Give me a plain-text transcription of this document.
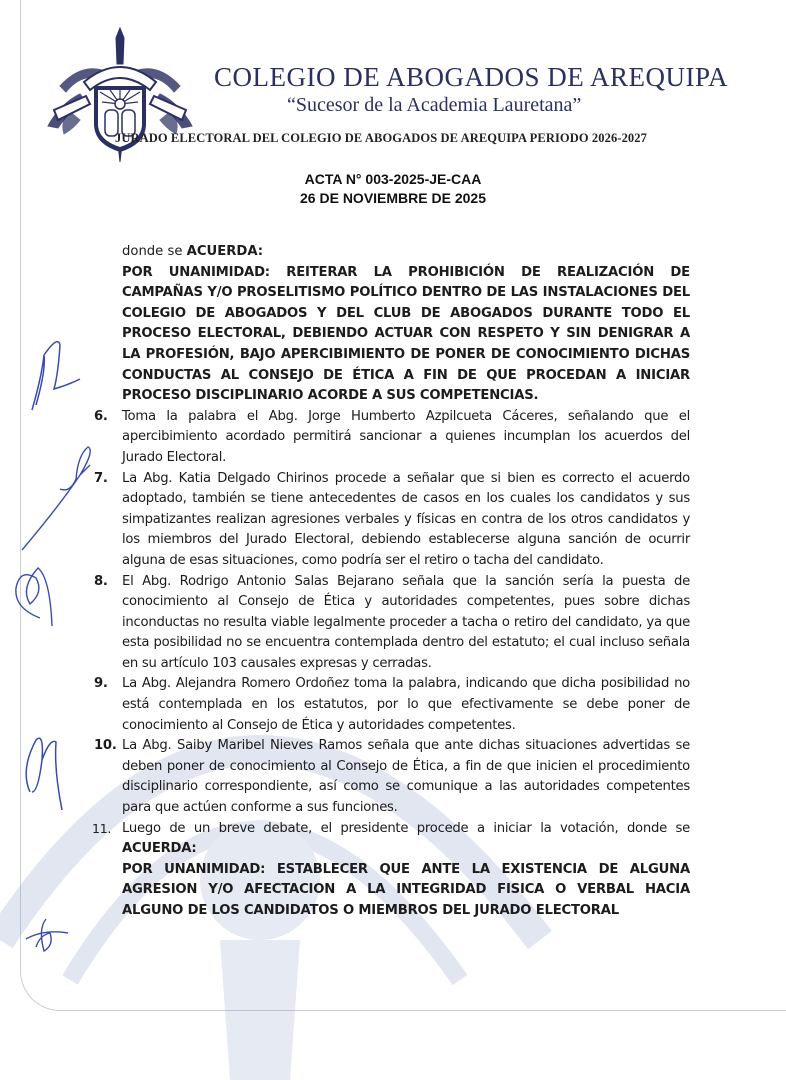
COLEGIO DE ABOGADOS DE AREQUIPA
“Sucesor de la Academia Lauretana”
JURADO ELECTORAL DEL COLEGIO DE ABOGADOS DE AREQUIPA PERIODO 2026-2027
ACTA N° 003-2025-JE-CAA
26 DE NOVIEMBRE DE 2025

donde se ACUERDA:

POR UNANIMIDAD: REITERAR LA PROHIBICIÓN DE REALIZACIÓN DE CAMPAÑAS Y/O PROSELITISMO POLÍTICO DENTRO DE LAS INSTALACIONES DEL COLEGIO DE ABOGADOS Y DEL CLUB DE ABOGADOS DURANTE TODO EL PROCESO ELECTORAL, DEBIENDO ACTUAR CON RESPETO Y SIN DENIGRAR A LA PROFESIÓN, BAJO APERCIBIMIENTO DE PONER DE CONOCIMIENTO DICHAS CONDUCTAS AL CONSEJO DE ÉTICA A FIN DE QUE PROCEDAN A INICIAR PROCESO DISCIPLINARIO ACORDE A SUS COMPETENCIAS.

6. Toma la palabra el Abg. Jorge Humberto Azpilcueta Cáceres, señalando que el apercibimiento acordado permitirá sancionar a quienes incumplan los acuerdos del Jurado Electoral.

7. La Abg. Katia Delgado Chirinos procede a señalar que si bien es correcto el acuerdo adoptado, también se tiene antecedentes de casos en los cuales los candidatos y sus simpatizantes realizan agresiones verbales y físicas en contra de los otros candidatos y los miembros del Jurado Electoral, debiendo establecerse alguna sanción de ocurrir alguna de esas situaciones, como podría ser el retiro o tacha del candidato.

8. El Abg. Rodrigo Antonio Salas Bejarano señala que la sanción sería la puesta de conocimiento al Consejo de Ética y autoridades competentes, pues sobre dichas inconductas no resulta viable legalmente proceder a tacha o retiro del candidato, ya que esta posibilidad no se encuentra contemplada dentro del estatuto; el cual incluso señala en su artículo 103 causales expresas y cerradas.

9. La Abg. Alejandra Romero Ordoñez toma la palabra, indicando que dicha posibilidad no está contemplada en los estatutos, por lo que efectivamente se debe poner de conocimiento al Consejo de Ética y autoridades competentes.

10. La Abg. Saiby Maribel Nieves Ramos señala que ante dichas situaciones advertidas se deben poner de conocimiento al Consejo de Ética, a fin de que inicien el procedimiento disciplinario correspondiente, así como se comunique a las autoridades competentes para que actúen conforme a sus funciones.

11. Luego de un breve debate, el presidente procede a iniciar la votación, donde se ACUERDA:

POR UNANIMIDAD: ESTABLECER QUE ANTE LA EXISTENCIA DE ALGUNA AGRESION Y/O AFECTACION A LA INTEGRIDAD FISICA O VERBAL HACIA ALGUNO DE LOS CANDIDATOS O MIEMBROS DEL JURADO ELECTORAL
